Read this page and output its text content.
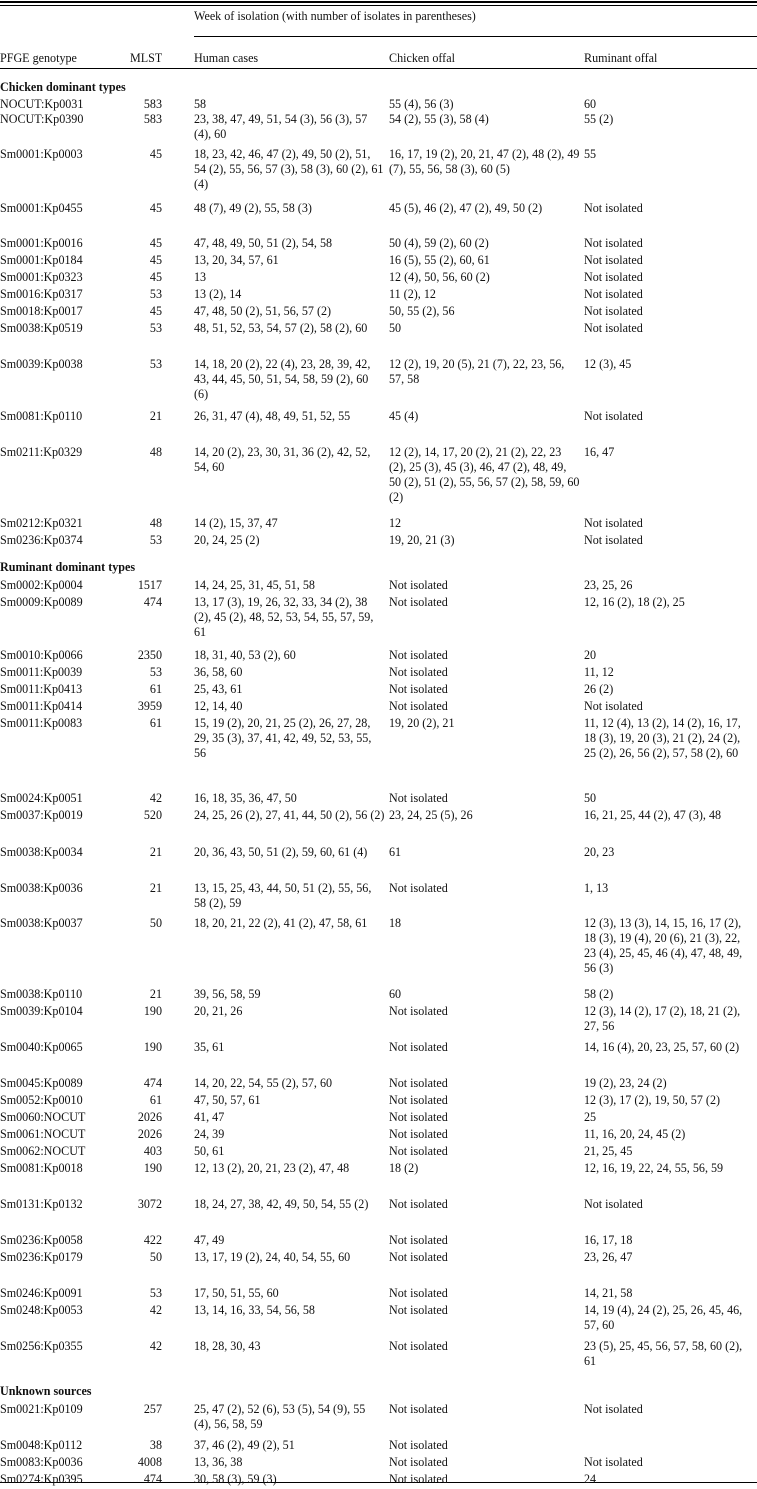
			Week of isolation (with number of isolates in parentheses)		
PFGE genotype	MLST		Human cases	Chicken offal	Ruminant offal
Chicken dominant types					
NOCUT:Kp0031	583		58	55 (4), 56 (3)	60
NOCUT:Kp0390	583		23, 38, 47, 49, 51, 54 (3), 56 (3), 57 (4), 60	54 (2), 55 (3), 58 (4)	55 (2)
Sm0001:Kp0003	45		18, 23, 42, 46, 47 (2), 49, 50 (2), 51, 54 (2), 55, 56, 57 (3), 58 (3), 60 (2), 61 (4)	16, 17, 19 (2), 20, 21, 47 (2), 48 (2), 49 (7), 55, 56, 58 (3), 60 (5)	55
Sm0001:Kp0455	45		48 (7), 49 (2), 55, 58 (3)	45 (5), 46 (2), 47 (2), 49, 50 (2)	Not isolated
Sm0001:Kp0016	45		47, 48, 49, 50, 51 (2), 54, 58	50 (4), 59 (2), 60 (2)	Not isolated
Sm0001:Kp0184	45		13, 20, 34, 57, 61	16 (5), 55 (2), 60, 61	Not isolated
Sm0001:Kp0323	45		13	12 (4), 50, 56, 60 (2)	Not isolated
Sm0016:Kp0317	53		13 (2), 14	11 (2), 12	Not isolated
Sm0018:Kp0017	45		47, 48, 50 (2), 51, 56, 57 (2)	50, 55 (2), 56	Not isolated
Sm0038:Kp0519	53		48, 51, 52, 53, 54, 57 (2), 58 (2), 60	50	Not isolated
Sm0039:Kp0038	53		14, 18, 20 (2), 22 (4), 23, 28, 39, 42, 43, 44, 45, 50, 51, 54, 58, 59 (2), 60 (6)	12 (2), 19, 20 (5), 21 (7), 22, 23, 56, 57, 58	12 (3), 45
Sm0081:Kp0110	21		26, 31, 47 (4), 48, 49, 51, 52, 55	45 (4)	Not isolated
Sm0211:Kp0329	48		14, 20 (2), 23, 30, 31, 36 (2), 42, 52, 54, 60	12 (2), 14, 17, 20 (2), 21 (2), 22, 23 (2), 25 (3), 45 (3), 46, 47 (2), 48, 49, 50 (2), 51 (2), 55, 56, 57 (2), 58, 59, 60 (2)	16, 47
Sm0212:Kp0321	48		14 (2), 15, 37, 47	12	Not isolated
Sm0236:Kp0374	53		20, 24, 25 (2)	19, 20, 21 (3)	Not isolated
Ruminant dominant types					
Sm0002:Kp0004	1517		14, 24, 25, 31, 45, 51, 58	Not isolated	23, 25, 26
Sm0009:Kp0089	474		13, 17 (3), 19, 26, 32, 33, 34 (2), 38 (2), 45 (2), 48, 52, 53, 54, 55, 57, 59, 61	Not isolated	12, 16 (2), 18 (2), 25
Sm0010:Kp0066	2350		18, 31, 40, 53 (2), 60	Not isolated	20
Sm0011:Kp0039	53		36, 58, 60	Not isolated	11, 12
Sm0011:Kp0413	61		25, 43, 61	Not isolated	26 (2)
Sm0011:Kp0414	3959		12, 14, 40	Not isolated	Not isolated
Sm0011:Kp0083	61		15, 19 (2), 20, 21, 25 (2), 26, 27, 28, 29, 35 (3), 37, 41, 42, 49, 52, 53, 55, 56	19, 20 (2), 21	11, 12 (4), 13 (2), 14 (2), 16, 17, 18 (3), 19, 20 (3), 21 (2), 24 (2), 25 (2), 26, 56 (2), 57, 58 (2), 60
Sm0024:Kp0051	42		16, 18, 35, 36, 47, 50	Not isolated	50
Sm0037:Kp0019	520		24, 25, 26 (2), 27, 41, 44, 50 (2), 56 (2)	23, 24, 25 (5), 26	16, 21, 25, 44 (2), 47 (3), 48
Sm0038:Kp0034	21		20, 36, 43, 50, 51 (2), 59, 60, 61 (4)	61	20, 23
Sm0038:Kp0036	21		13, 15, 25, 43, 44, 50, 51 (2), 55, 56, 58 (2), 59	Not isolated	1, 13
Sm0038:Kp0037	50		18, 20, 21, 22 (2), 41 (2), 47, 58, 61	18	12 (3), 13 (3), 14, 15, 16, 17 (2), 18 (3), 19 (4), 20 (6), 21 (3), 22, 23 (4), 25, 45, 46 (4), 47, 48, 49, 56 (3)
Sm0038:Kp0110	21		39, 56, 58, 59	60	58 (2)
Sm0039:Kp0104	190		20, 21, 26	Not isolated	12 (3), 14 (2), 17 (2), 18, 21 (2), 27, 56
Sm0040:Kp0065	190		35, 61	Not isolated	14, 16 (4), 20, 23, 25, 57, 60 (2)
Sm0045:Kp0089	474		14, 20, 22, 54, 55 (2), 57, 60	Not isolated	19 (2), 23, 24 (2)
Sm0052:Kp0010	61		47, 50, 57, 61	Not isolated	12 (3), 17 (2), 19, 50, 57 (2)
Sm0060:NOCUT	2026		41, 47	Not isolated	25
Sm0061:NOCUT	2026		24, 39	Not isolated	11, 16, 20, 24, 45 (2)
Sm0062:NOCUT	403		50, 61	Not isolated	21, 25, 45
Sm0081:Kp0018	190		12, 13 (2), 20, 21, 23 (2), 47, 48	18 (2)	12, 16, 19, 22, 24, 55, 56, 59
Sm0131:Kp0132	3072		18, 24, 27, 38, 42, 49, 50, 54, 55 (2)	Not isolated	Not isolated
Sm0236:Kp0058	422		47, 49	Not isolated	16, 17, 18
Sm0236:Kp0179	50		13, 17, 19 (2), 24, 40, 54, 55, 60	Not isolated	23, 26, 47
Sm0246:Kp0091	53		17, 50, 51, 55, 60	Not isolated	14, 21, 58
Sm0248:Kp0053	42		13, 14, 16, 33, 54, 56, 58	Not isolated	14, 19 (4), 24 (2), 25, 26, 45, 46, 57, 60
Sm0256:Kp0355	42		18, 28, 30, 43	Not isolated	23 (5), 25, 45, 56, 57, 58, 60 (2), 61
Unknown sources					
Sm0021:Kp0109	257		25, 47 (2), 52 (6), 53 (5), 54 (9), 55 (4), 56, 58, 59	Not isolated	Not isolated
Sm0048:Kp0112	38		37, 46 (2), 49 (2), 51	Not isolated	
Sm0083:Kp0036	4008		13, 36, 38	Not isolated	Not isolated
Sm0274:Kp0395	474		30, 58 (3), 59 (3)	Not isolated	24
